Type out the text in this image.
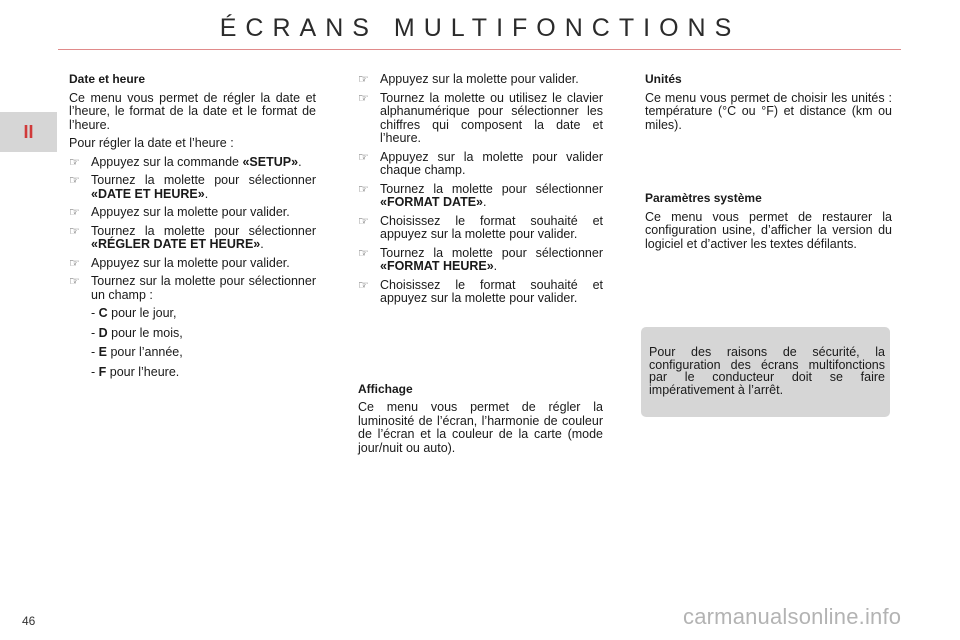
ÉCRANS MULTIFONCTIONS
II
Date et heure

Ce menu vous permet de régler la date et l’heure, le format de la date et le format de l’heure.

Pour régler la date et l’heure :

☞ Appuyez sur la commande «SETUP».
☞ Tournez la molette pour sélectionner «DATE ET HEURE».
☞ Appuyez sur la molette pour valider.
☞ Tournez la molette pour sélectionner «RÉGLER DATE ET HEURE».
☞ Appuyez sur la molette pour valider.
☞ Tournez sur la molette pour sélectionner un champ :
- C pour le jour,
- D pour le mois,
- E pour l’année,
- F pour l’heure.
☞ Appuyez sur la molette pour valider.
☞ Tournez la molette ou utilisez le clavier alphanumérique pour sélectionner les chiffres qui composent la date et l’heure.
☞ Appuyez sur la molette pour valider chaque champ.
☞ Tournez la molette pour sélectionner «FORMAT DATE».
☞ Choisissez le format souhaité et appuyez sur la molette pour valider.
☞ Tournez la molette pour sélectionner «FORMAT HEURE».
☞ Choisissez le format souhaité et appuyez sur la molette pour valider.
Affichage

Ce menu vous permet de régler la luminosité de l’écran, l’harmonie de couleur de l’écran et la couleur de la carte (mode jour/nuit ou auto).

Unités

Ce menu vous permet de choisir les unités : température (°C ou °F) et distance (km ou miles).

Paramètres système

Ce menu vous permet de restaurer la configuration usine, d’afficher la version du logiciel et d’activer les textes défilants.

Pour des raisons de sécurité, la configuration des écrans multifonctions par le conducteur doit se faire impérativement à l’arrêt.
46	carmanualsonline.info
